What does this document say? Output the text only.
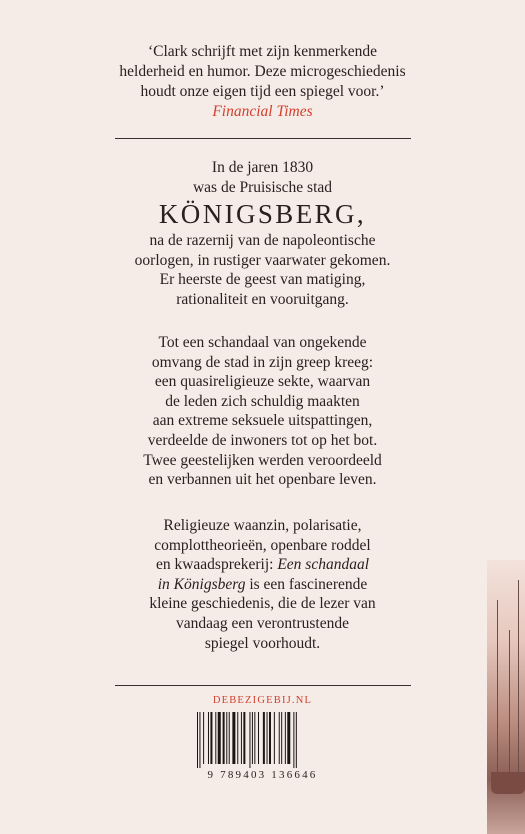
‘Clark schrijft met zijn kenmerkende
helderheid en humor. Deze microgeschiedenis
houdt onze eigen tijd een spiegel voor.’
Financial Times
In de jaren 1830
was de Pruisische stad
KÖNIGSBERG,
na de razernij van de napoleontische
oorlogen, in rustiger vaarwater gekomen.
Er heerste de geest van matiging,
rationaliteit en vooruitgang.
Tot een schandaal van ongekende
omvang de stad in zijn greep kreeg:
een quasireligieuze sekte, waarvan
de leden zich schuldig maakten
aan extreme seksuele uitspattingen,
verdeelde de inwoners tot op het bot.
Twee geestelijken werden veroordeeld
en verbannen uit het openbare leven.
Religieuze waanzin, polarisatie,
complottheorieën, openbare roddel
en kwaadsprekerij: Een schandaal
in Königsberg is een fascinerende
kleine geschiedenis, die de lezer van
vandaag een verontrustende
spiegel voorhoudt.
DEBEZIGEBIJ.NL
9 789403 136646
